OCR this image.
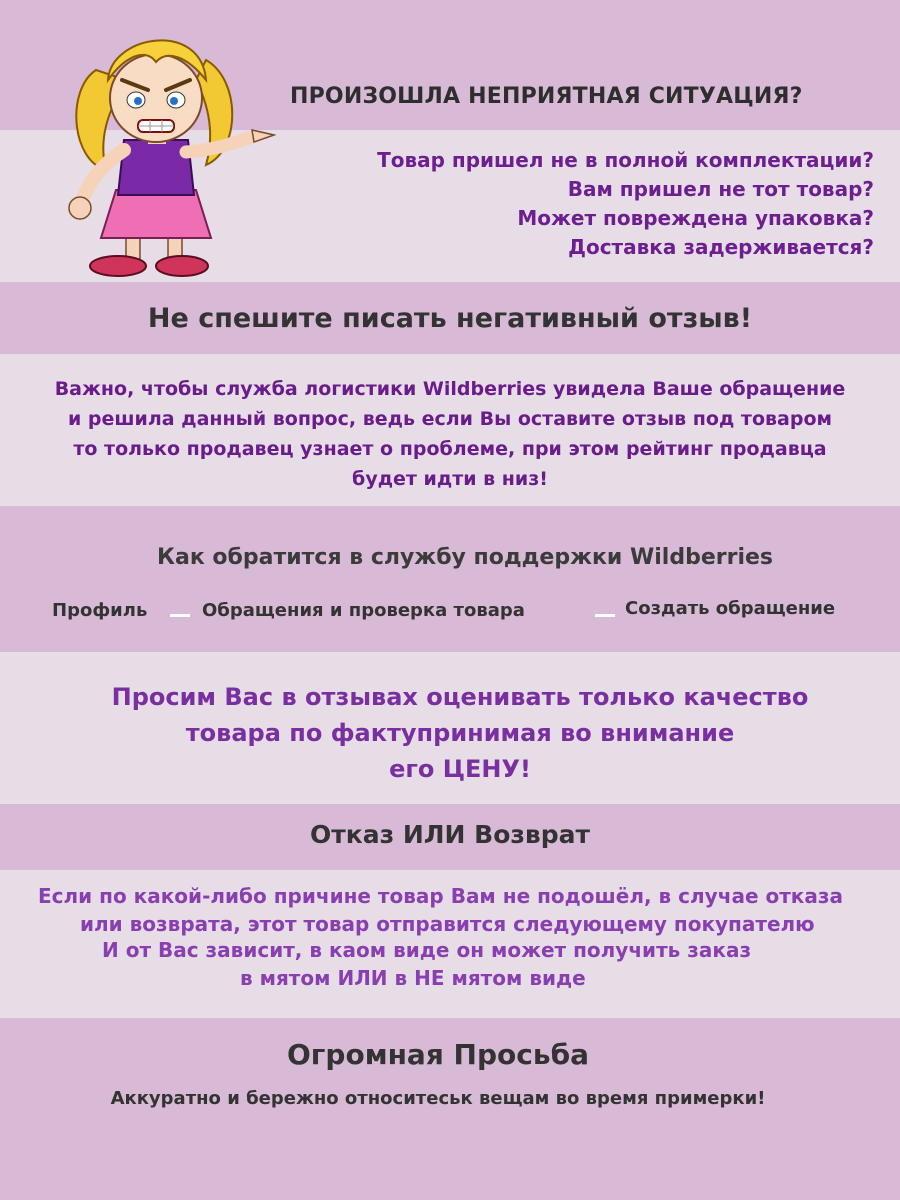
ПРОИЗОШЛА НЕПРИЯТНАЯ СИТУАЦИЯ?
Товар пришел не в полной комплектации?
Вам пришел не тот товар?
Может повреждена упаковка?
Доставка задерживается?
Не спешите писать негативный отзыв!
Важно, чтобы служба логистики Wildberries увидела Ваше обращение
и решила данный вопрос, ведь если Вы оставите отзыв под товаром
то только продавец узнает о проблеме, при этом рейтинг продавца
будет идти в низ!
Как обратится в службу поддержки Wildberries
Профиль	Обращения и проверка товара	Создать обращение
Просим Вас в отзывах оценивать только качество
товара по фактупринимая во внимание
его ЦЕНУ!
Отказ ИЛИ Возврат
Если по какой-либо причине товар Вам не подошёл, в случае отказа
или возврата, этот товар отправится следующему покупателю
И от Вас зависит, в каом виде он может получить заказ
в мятом ИЛИ в НЕ мятом виде
Огромная Просьба
Аккуратно и бережно относитеськ вещам во время примерки!
